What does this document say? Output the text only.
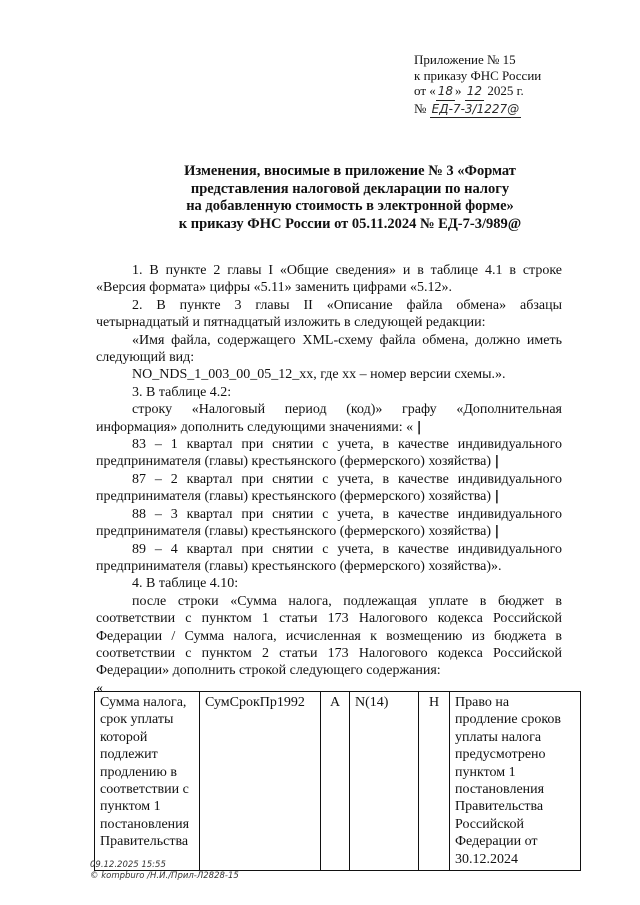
Приложение № 15
к приказу ФНС России
от « 18 » 12 2025 г.
№ ЕД-7-3/1227@
Изменения, вносимые в приложение № 3 «Формат
представления налоговой декларации по налогу
на добавленную стоимость в электронной форме»
к приказу ФНС России от 05.11.2024 № ЕД-7-3/989@

1. В пункте 2 главы I «Общие сведения» и в таблице 4.1 в строке «Версия формата» цифры «5.11» заменить цифрами «5.12».

2. В пункте 3 главы II «Описание файла обмена» абзацы четырнадцатый и пятнадцатый изложить в следующей редакции:

«Имя файла, содержащего XML-схему файла обмена, должно иметь следующий вид:

NO_NDS_1_003_00_05_12_xx, где xx – номер версии схемы.».

3. В таблице 4.2:

строку «Налоговый период (код)» графу «Дополнительная информация» дополнить следующими значениями: « |

83 – 1 квартал при снятии с учета, в качестве индивидуального предпринимателя (главы) крестьянского (фермерского) хозяйства) |

87 – 2 квартал при снятии с учета, в качестве индивидуального предпринимателя (главы) крестьянского (фермерского) хозяйства) |

88 – 3 квартал при снятии с учета, в качестве индивидуального предпринимателя (главы) крестьянского (фермерского) хозяйства) |

89 – 4 квартал при снятии с учета, в качестве индивидуального предпринимателя (главы) крестьянского (фермерского) хозяйства)».

4. В таблице 4.10:

после строки «Сумма налога, подлежащая уплате в бюджет в соответствии с пунктом 1 статьи 173 Налогового кодекса Российской Федерации / Сумма налога, исчисленная к возмещению из бюджета в соответствии с пунктом 2 статьи 173 Налогового кодекса Российской Федерации» дополнить строкой следующего содержания:

«

Сумма налога, срок уплаты которой подлежит продлению в соответствии с пунктом 1 постановления Правительства	СумСрокПр1992	А	N(14)	Н	Право на продление сроков уплаты налога предусмотрено пунктом 1 постановления Правительства Российской Федерации от 30.12.2024
09.12.2025 15:55
© kompburo /Н.И./Прил-Л2828-15
